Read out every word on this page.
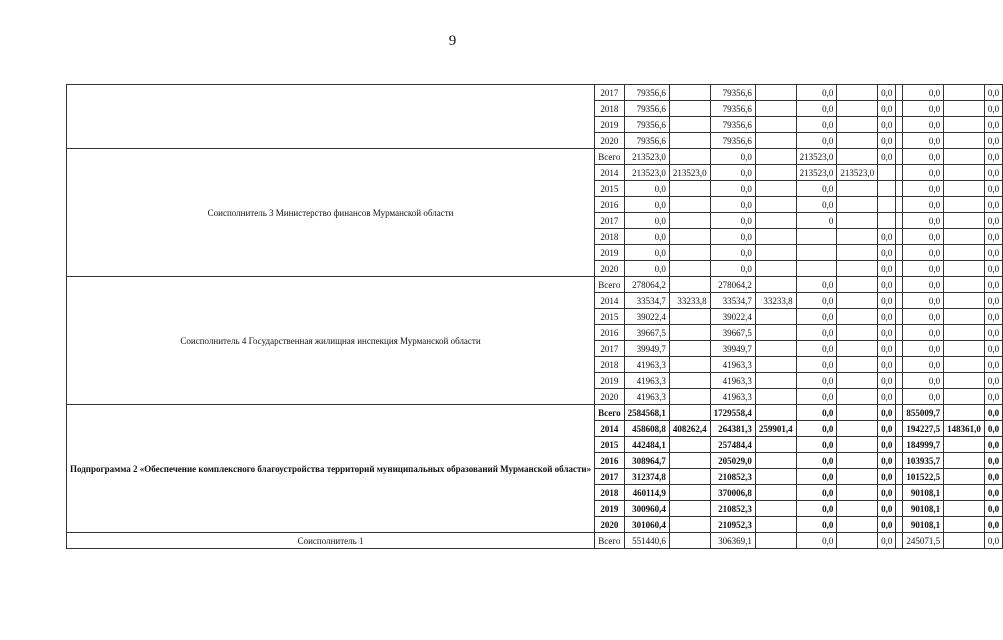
9
	2017	79356,6		79356,6		0,0		0,0		0,0		0,0
	2018	79356,6		79356,6		0,0		0,0		0,0		0,0
	2019	79356,6		79356,6		0,0		0,0		0,0		0,0
	2020	79356,6		79356,6		0,0		0,0		0,0		0,0
Соисполнитель 3 Министерство финансов Мурманской области	Всего	213523,0		0,0		213523,0		0,0		0,0		0,0
	2014	213523,0	213523,0	0,0		213523,0	213523,0			0,0		0,0
	2015	0,0		0,0		0,0				0,0		0,0
	2016	0,0		0,0		0,0				0,0		0,0
	2017	0,0		0,0		0				0,0		0,0
	2018	0,0		0,0				0,0		0,0		0,0
	2019	0,0		0,0				0,0		0,0		0,0
	2020	0,0		0,0				0,0		0,0		0,0
Соисполнитель 4 Государственная жилищная инспекция Мурманской области	Всего	278064,2		278064,2		0,0		0,0		0,0		0,0
	2014	33534,7	33233,8	33534,7	33233,8	0,0		0,0		0,0		0,0
	2015	39022,4		39022,4		0,0		0,0		0,0		0,0
	2016	39667,5		39667,5		0,0		0,0		0,0		0,0
	2017	39949,7		39949,7		0,0		0,0		0,0		0,0
	2018	41963,3		41963,3		0,0		0,0		0,0		0,0
	2019	41963,3		41963,3		0,0		0,0		0,0		0,0
	2020	41963,3		41963,3		0,0		0,0		0,0		0,0
Подпрограмма 2 «Обеспечение комплексного благоустройства территорий муниципальных образований Мурманской области»	Всего	2584568,1		1729558,4		0,0		0,0		855009,7		0,0
	2014	458608,8	408262,4	264381,3	259901,4	0,0		0,0		194227,5	148361,0	0,0
	2015	442484,1		257484,4		0,0		0,0		184999,7		0,0
	2016	308964,7		205029,0		0,0		0,0		103935,7		0,0
	2017	312374,8		210852,3		0,0		0,0		101522,5		0,0
	2018	460114,9		370006,8		0,0		0,0		90108,1		0,0
	2019	300960,4		210852,3		0,0		0,0		90108,1		0,0
	2020	301060,4		210952,3		0,0		0,0		90108,1		0,0
Соисполнитель 1	Всего	551440,6		306369,1		0,0		0,0		245071,5		0,0
